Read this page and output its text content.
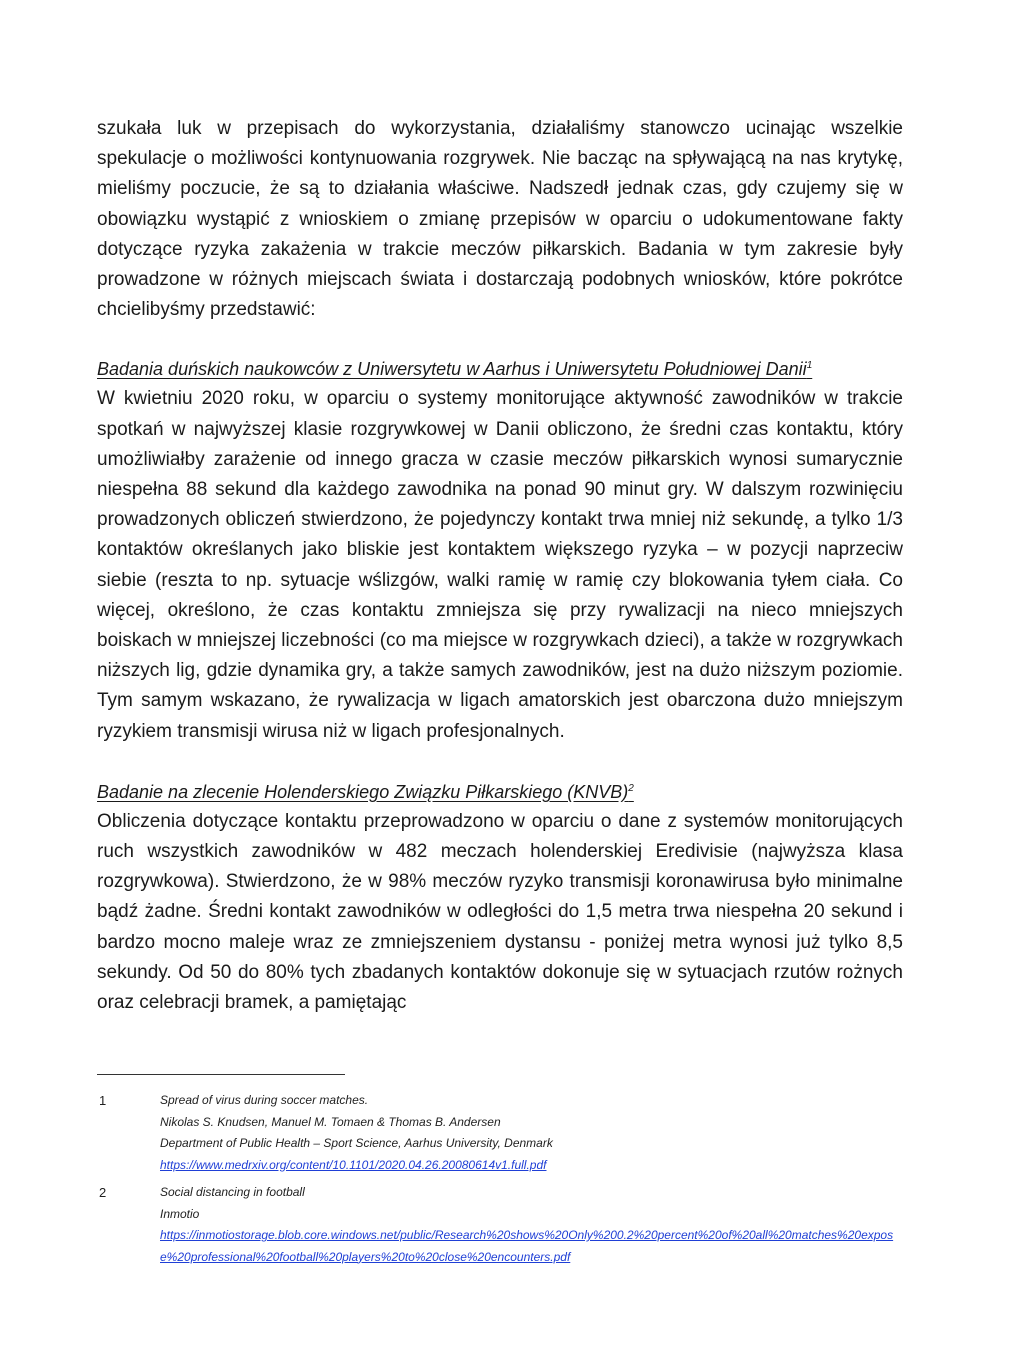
szukała luk w przepisach do wykorzystania, działaliśmy stanowczo ucinając wszelkie spekulacje o możliwości kontynuowania rozgrywek. Nie bacząc na spływającą na nas krytykę, mieliśmy poczucie, że są to działania właściwe. Nadszedł jednak czas, gdy czujemy się w obowiązku wystąpić z wnioskiem o zmianę przepisów w oparciu o udokumentowane fakty dotyczące ryzyka zakażenia w trakcie meczów piłkarskich. Badania w tym zakresie były prowadzone w różnych miejscach świata i dostarczają podobnych wniosków, które pokrótce chcielibyśmy przedstawić:

Badania duńskich naukowców z Uniwersytetu w Aarhus i Uniwersytetu Południowej Danii$^1$

W kwietniu 2020 roku, w oparciu o systemy monitorujące aktywność zawodników w trakcie spotkań w najwyższej klasie rozgrywkowej w Danii obliczono, że średni czas kontaktu, który umożliwiałby zarażenie od innego gracza w czasie meczów piłkarskich wynosi sumarycznie niespełna 88 sekund dla każdego zawodnika na ponad 90 minut gry. W dalszym rozwinięciu prowadzonych obliczeń stwierdzono, że pojedynczy kontakt trwa mniej niż sekundę, a tylko 1/3 kontaktów określanych jako bliskie jest kontaktem większego ryzyka – w pozycji naprzeciw siebie (reszta to np. sytuacje wślizgów, walki ramię w ramię czy blokowania tyłem ciała. Co więcej, określono, że czas kontaktu zmniejsza się przy rywalizacji na nieco mniejszych boiskach w mniejszej liczebności (co ma miejsce w rozgrywkach dzieci), a także w rozgrywkach niższych lig, gdzie dynamika gry, a także samych zawodników, jest na dużo niższym poziomie. Tym samym wskazano, że rywalizacja w ligach amatorskich jest obarczona dużo mniejszym ryzykiem transmisji wirusa niż w ligach profesjonalnych.

Badanie na zlecenie Holenderskiego Związku Piłkarskiego (KNVB)$^2$

Obliczenia dotyczące kontaktu przeprowadzono w oparciu o dane z systemów monitorujących ruch wszystkich zawodników w 482 meczach holenderskiej Eredivisie (najwyższa klasa rozgrywkowa). Stwierdzono, że w 98% meczów ryzyko transmisji koronawirusa było minimalne bądź żadne. Średni kontakt zawodników w odległości do 1,5 metra trwa niespełna 20 sekund i bardzo mocno maleje wraz ze zmniejszeniem dystansu - poniżej metra wynosi już tylko 8,5 sekundy. Od 50 do 80% tych zbadanych kontaktów dokonuje się w sytuacjach rzutów rożnych oraz celebracji bramek, a pamiętając

1	Spread of virus during soccer matches.
Nikolas S. Knudsen, Manuel M. Tomaen & Thomas B. Andersen
Department of Public Health – Sport Science, Aarhus University, Denmark
https://www.medrxiv.org/content/10.1101/2020.04.26.20080614v1.full.pdf
2	Social distancing in football
Inmotio
https://inmotiostorage.blob.core.windows.net/public/Research%20shows%20Only%200.2%20percent%20of%20all%20matches%20expose%20professional%20football%20players%20to%20close%20encounters.pdf
